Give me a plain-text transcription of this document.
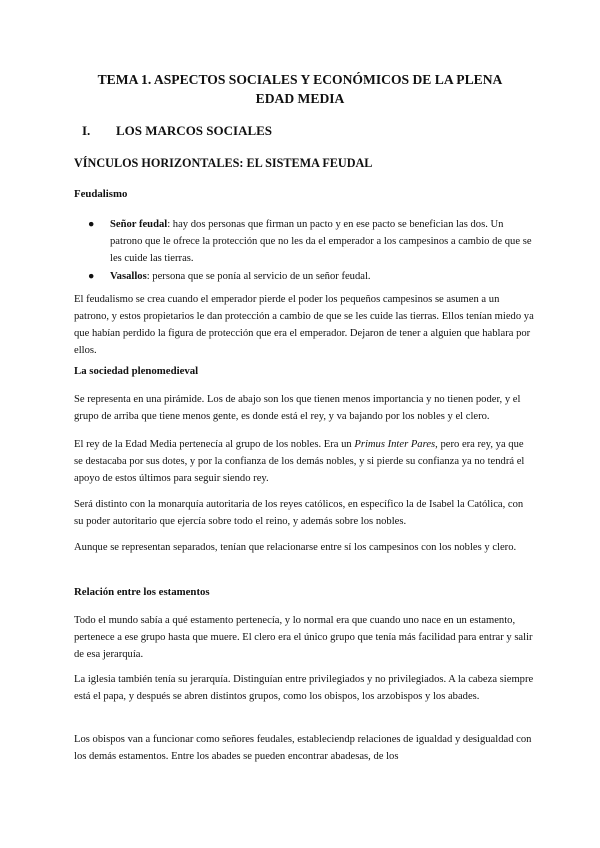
TEMA 1. ASPECTOS SOCIALES Y ECONÓMICOS DE LA PLENA
EDAD MEDIA
I. LOS MARCOS SOCIALES
VÍNCULOS HORIZONTALES: EL SISTEMA FEUDAL
Feudalismo
● Señor feudal: hay dos personas que firman un pacto y en ese pacto se benefician las dos. Un patrono que le ofrece la protección que no les da el emperador a los campesinos a cambio de que se les cuide las tierras.
● Vasallos: persona que se ponía al servicio de un señor feudal.

El feudalismo se crea cuando el emperador pierde el poder los pequeños campesinos se asumen a un patrono, y estos propietarios le dan protección a cambio de que se les cuide las tierras. Ellos tenían miedo ya que habían perdido la figura de protección que era el emperador. Dejaron de tener a alguien que hablara por ellos.

La sociedad plenomedieval

Se representa en una pirámide. Los de abajo son los que tienen menos importancia y no tienen poder, y el grupo de arriba que tiene menos gente, es donde está el rey, y va bajando por los nobles y el clero.

El rey de la Edad Media pertenecía al grupo de los nobles. Era un Primus Inter Pares, pero era rey, ya que se destacaba por sus dotes, y por la confianza de los demás nobles, y si pierde su confianza ya no tendrá el apoyo de estos últimos para seguir siendo rey.

Será distinto con la monarquía autoritaria de los reyes católicos, en específico la de Isabel la Católica, con su poder autoritario que ejercía sobre todo el reino, y además sobre los nobles.

Aunque se representan separados, tenían que relacionarse entre sí los campesinos con los nobles y clero.

Relación entre los estamentos

Todo el mundo sabía a qué estamento pertenecía, y lo normal era que cuando uno nace en un estamento, pertenece a ese grupo hasta que muere. El clero era el único grupo que tenía más facilidad para entrar y salir de esa jerarquía.

La iglesia también tenía su jerarquía. Distinguían entre privilegiados y no privilegiados. A la cabeza siempre está el papa, y después se abren distintos grupos, como los obispos, los arzobispos y los abades.

Los obispos van a funcionar como señores feudales, estableciendp relaciones de igualdad y desigualdad con los demás estamentos. Entre los abades se pueden encontrar abadesas, de los
